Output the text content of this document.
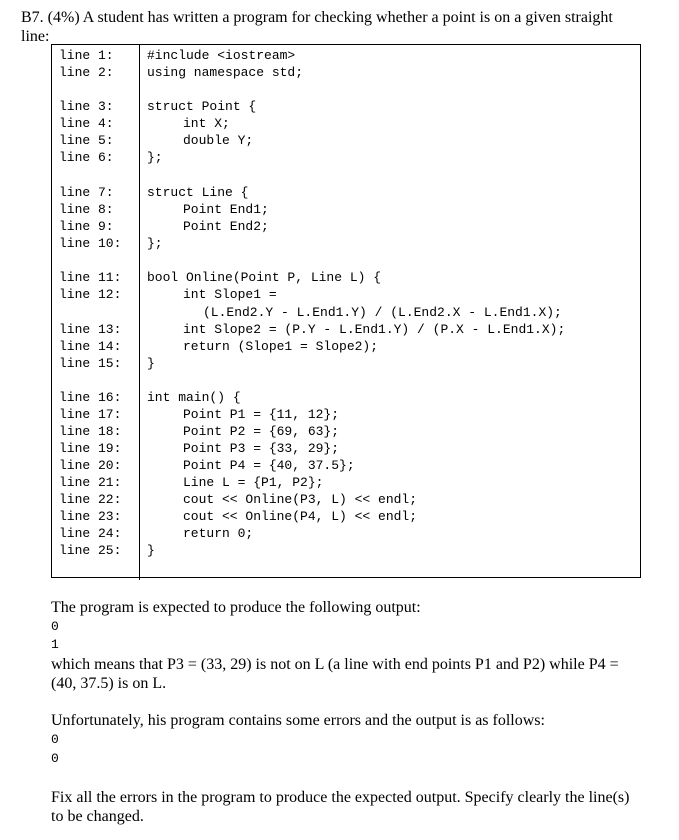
B7. (4%) A student has written a program for checking whether a point is on a given straight
line:
line 1:
line 2:
line 3:
line 4:
line 5:
line 6:
line 7:
line 8:
line 9:
line 10:
line 11:
line 12:
line 13:
line 14:
line 15:
line 16:
line 17:
line 18:
line 19:
line 20:
line 21:
line 22:
line 23:
line 24:
line 25:
#include <iostream>
using namespace std;
struct Point {
int X;
double Y;
};
struct Line {
Point End1;
Point End2;
};
bool Online(Point P, Line L) {
int Slope1 =
(L.End2.Y - L.End1.Y) / (L.End2.X - L.End1.X);
int Slope2 = (P.Y - L.End1.Y) / (P.X - L.End1.X);
return (Slope1 = Slope2);
}
int main() {
Point P1 = {11, 12};
Point P2 = {69, 63};
Point P3 = {33, 29};
Point P4 = {40, 37.5};
Line L = {P1, P2};
cout << Online(P3, L) << endl;
cout << Online(P4, L) << endl;
return 0;
}
The program is expected to produce the following output:
0
1
which means that P3 = (33, 29) is not on L (a line with end points P1 and P2) while P4 =
(40, 37.5) is on L.
Unfortunately, his program contains some errors and the output is as follows:
0
0
Fix all the errors in the program to produce the expected output. Specify clearly the line(s)
to be changed.
